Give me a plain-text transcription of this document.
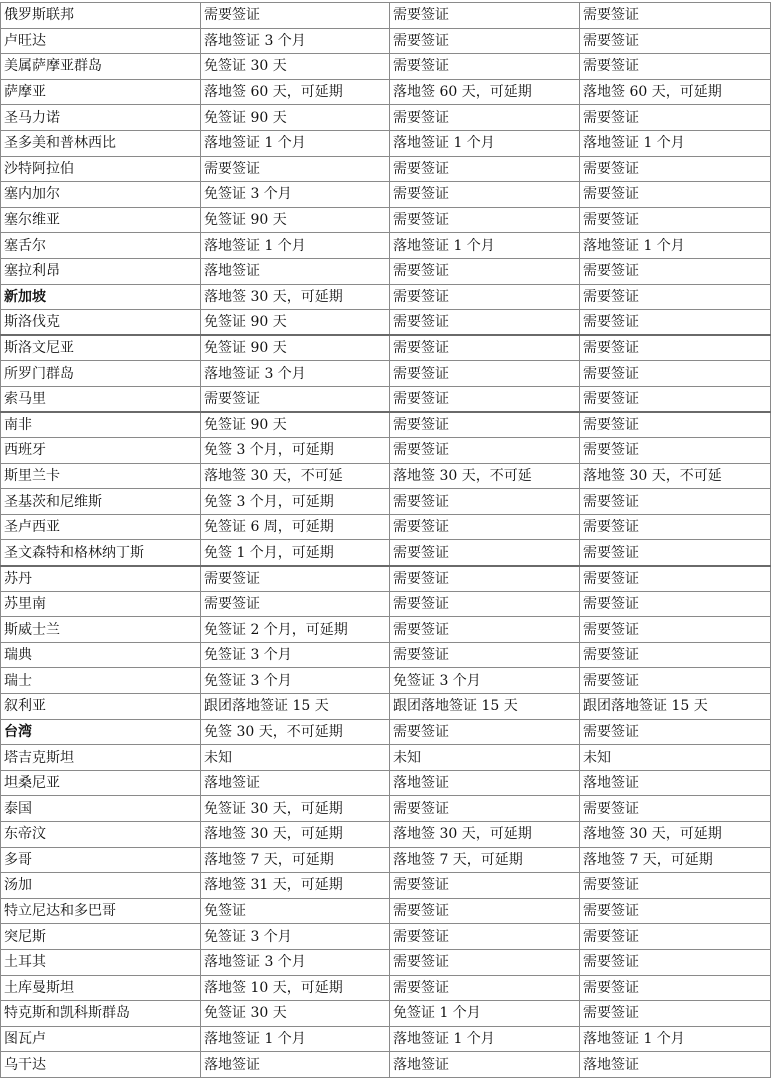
俄罗斯联邦	需要签证	需要签证	需要签证
卢旺达	落地签证 3 个月	需要签证	需要签证
美属萨摩亚群岛	免签证 30 天	需要签证	需要签证
萨摩亚	落地签 60 天，可延期	落地签 60 天，可延期	落地签 60 天，可延期
圣马力诺	免签证 90 天	需要签证	需要签证
圣多美和普林西比	落地签证 1 个月	落地签证 1 个月	落地签证 1 个月
沙特阿拉伯	需要签证	需要签证	需要签证
塞内加尔	免签证 3 个月	需要签证	需要签证
塞尔维亚	免签证 90 天	需要签证	需要签证
塞舌尔	落地签证 1 个月	落地签证 1 个月	落地签证 1 个月
塞拉利昂	落地签证	需要签证	需要签证
新加坡	落地签 30 天，可延期	需要签证	需要签证
斯洛伐克	免签证 90 天	需要签证	需要签证
斯洛文尼亚	免签证 90 天	需要签证	需要签证
所罗门群岛	落地签证 3 个月	需要签证	需要签证
索马里	需要签证	需要签证	需要签证
南非	免签证 90 天	需要签证	需要签证
西班牙	免签 3 个月，可延期	需要签证	需要签证
斯里兰卡	落地签 30 天，不可延	落地签 30 天，不可延	落地签 30 天，不可延
圣基茨和尼维斯	免签 3 个月，可延期	需要签证	需要签证
圣卢西亚	免签证 6 周，可延期	需要签证	需要签证
圣文森特和格林纳丁斯	免签 1 个月，可延期	需要签证	需要签证
苏丹	需要签证	需要签证	需要签证
苏里南	需要签证	需要签证	需要签证
斯威士兰	免签证 2 个月，可延期	需要签证	需要签证
瑞典	免签证 3 个月	需要签证	需要签证
瑞士	免签证 3 个月	免签证 3 个月	需要签证
叙利亚	跟团落地签证 15 天	跟团落地签证 15 天	跟团落地签证 15 天
台湾	免签 30 天，不可延期	需要签证	需要签证
塔吉克斯坦	未知	未知	未知
坦桑尼亚	落地签证	落地签证	落地签证
泰国	免签证 30 天，可延期	需要签证	需要签证
东帝汶	落地签 30 天，可延期	落地签 30 天，可延期	落地签 30 天，可延期
多哥	落地签 7 天，可延期	落地签 7 天，可延期	落地签 7 天，可延期
汤加	落地签 31 天，可延期	需要签证	需要签证
特立尼达和多巴哥	免签证	需要签证	需要签证
突尼斯	免签证 3 个月	需要签证	需要签证
土耳其	落地签证 3 个月	需要签证	需要签证
土库曼斯坦	落地签 10 天，可延期	需要签证	需要签证
特克斯和凯科斯群岛	免签证 30 天	免签证 1 个月	需要签证
图瓦卢	落地签证 1 个月	落地签证 1 个月	落地签证 1 个月
乌干达	落地签证	落地签证	落地签证
